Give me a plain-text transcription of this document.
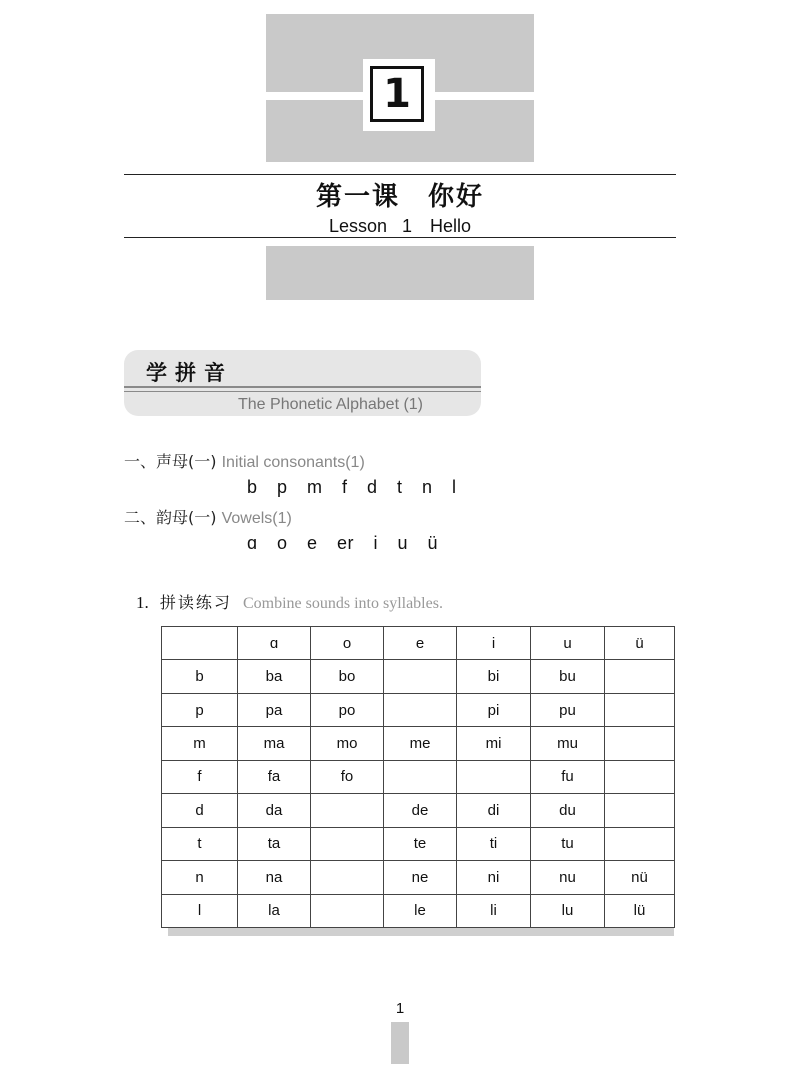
1
第一课　你好
Lesson 1　Hello
学拼音
The Phonetic Alphabet (1)
一、声母(一) Initial consonants(1)
b p m f d t n l
二、韵母(一) Vowels(1)
ɑ o e er i u ü
1. 拼读练习 Combine sounds into syllables.
	ɑ	o	e	i	u	ü
b	ba	bo		bi	bu	
p	pa	po		pi	pu	
m	ma	mo	me	mi	mu	
f	fa	fo			fu	
d	da		de	di	du	
t	ta		te	ti	tu	
n	na		ne	ni	nu	nü
l	la		le	li	lu	lü
1
